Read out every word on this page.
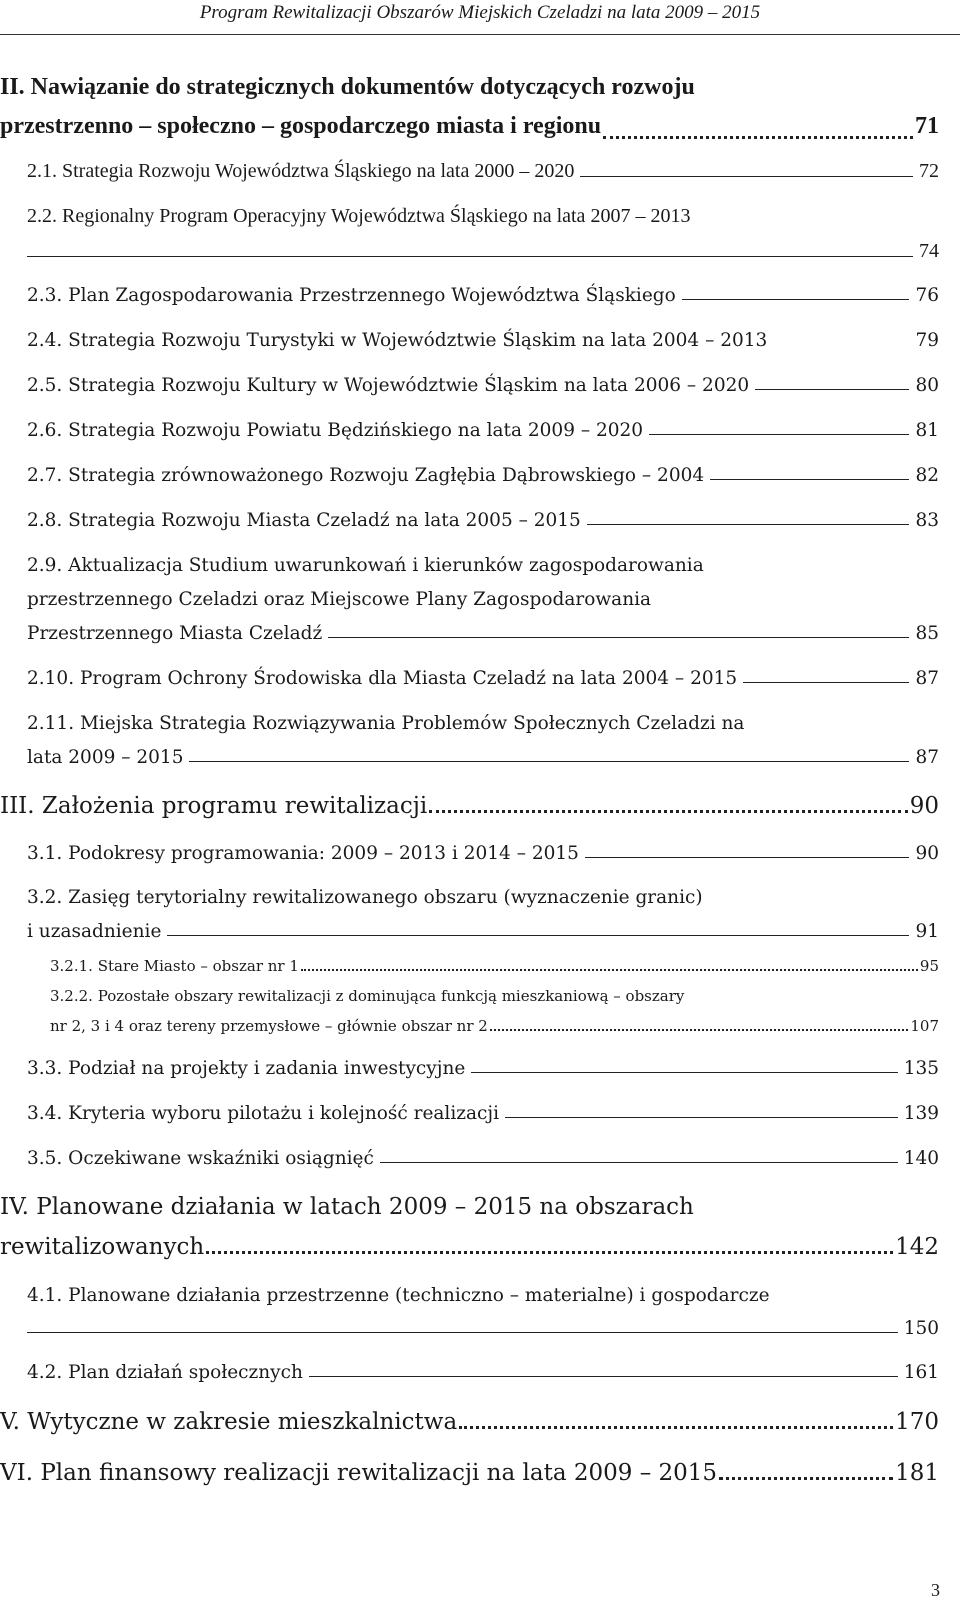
Program Rewitalizacji Obszarów Miejskich Czeladzi na lata 2009 – 2015
II. Nawiązanie do strategicznych dokumentów dotyczących rozwoju
przestrzenno – społeczno – gospodarczego miasta i regionu	71
2.1. Strategia Rozwoju Województwa Śląskiego na lata 2000 – 2020	72
2.2. Regionalny Program Operacyjny Województwa Śląskiego na lata 2007 – 2013
74
2.3. Plan Zagospodarowania Przestrzennego Województwa Śląskiego	76
2.4. Strategia Rozwoju Turystyki w Województwie Śląskim na lata 2004 – 2013	79
2.5. Strategia Rozwoju Kultury w Województwie Śląskim na lata 2006 – 2020	80
2.6. Strategia Rozwoju Powiatu Będzińskiego na lata 2009 – 2020	81
2.7. Strategia zrównoważonego Rozwoju Zagłębia Dąbrowskiego – 2004	82
2.8. Strategia Rozwoju Miasta Czeladź na lata 2005 – 2015	83
2.9. Aktualizacja Studium uwarunkowań i kierunków zagospodarowania
przestrzennego Czeladzi oraz Miejscowe Plany Zagospodarowania
Przestrzennego Miasta Czeladź	85
2.10. Program Ochrony Środowiska dla Miasta Czeladź na lata 2004 – 2015	87
2.11. Miejska Strategia Rozwiązywania Problemów Społecznych Czeladzi na
lata 2009 – 2015	87
III. Założenia programu rewitalizacji	90
3.1. Podokresy programowania: 2009 – 2013 i 2014 – 2015	90
3.2. Zasięg terytorialny rewitalizowanego obszaru (wyznaczenie granic)
i uzasadnienie	91
3.2.1. Stare Miasto – obszar nr 1	95
3.2.2. Pozostałe obszary rewitalizacji z dominująca funkcją mieszkaniową – obszary
nr 2, 3 i 4 oraz tereny przemysłowe – głównie obszar nr 2	107
3.3. Podział na projekty i zadania inwestycyjne	135
3.4. Kryteria wyboru pilotażu i kolejność realizacji	139
3.5. Oczekiwane wskaźniki osiągnięć	140
IV. Planowane działania w latach 2009 – 2015 na obszarach
rewitalizowanych	142
4.1. Planowane działania przestrzenne (techniczno – materialne) i gospodarcze
150
4.2. Plan działań społecznych	161
V. Wytyczne w zakresie mieszkalnictwa	170
VI. Plan finansowy realizacji rewitalizacji na lata 2009 – 2015	181
3
